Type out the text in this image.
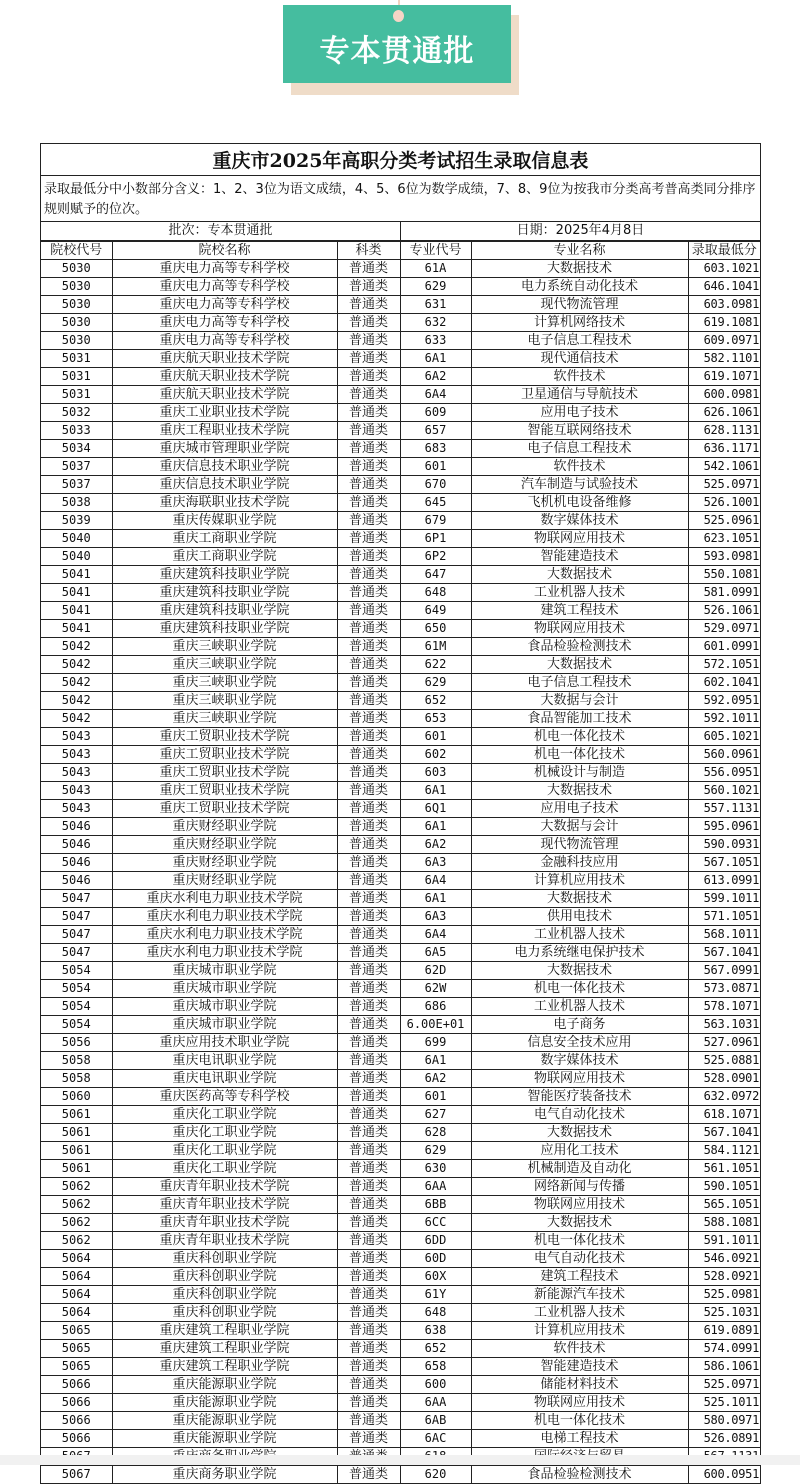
专本贯通批
重庆市2025年高职分类考试招生录取信息表
录取最低分中小数部分含义：1、2、3位为语文成绩，4、5、6位为数学成绩，7、8、9位为按我市分类高考普高类同分排序规则赋予的位次。
批次：专本贯通批	日期：2025年4月8日
院校代号	院校名称	科类	专业代号	专业名称	录取最低分
5030	重庆电力高等专科学校	普通类	61A	大数据技术	603.1021
5030	重庆电力高等专科学校	普通类	629	电力系统自动化技术	646.1041
5030	重庆电力高等专科学校	普通类	631	现代物流管理	603.0981
5030	重庆电力高等专科学校	普通类	632	计算机网络技术	619.1081
5030	重庆电力高等专科学校	普通类	633	电子信息工程技术	609.0971
5031	重庆航天职业技术学院	普通类	6A1	现代通信技术	582.1101
5031	重庆航天职业技术学院	普通类	6A2	软件技术	619.1071
5031	重庆航天职业技术学院	普通类	6A4	卫星通信与导航技术	600.0981
5032	重庆工业职业技术学院	普通类	609	应用电子技术	626.1061
5033	重庆工程职业技术学院	普通类	657	智能互联网络技术	628.1131
5034	重庆城市管理职业学院	普通类	683	电子信息工程技术	636.1171
5037	重庆信息技术职业学院	普通类	601	软件技术	542.1061
5037	重庆信息技术职业学院	普通类	670	汽车制造与试验技术	525.0971
5038	重庆海联职业技术学院	普通类	645	飞机机电设备维修	526.1001
5039	重庆传媒职业学院	普通类	679	数字媒体技术	525.0961
5040	重庆工商职业学院	普通类	6P1	物联网应用技术	623.1051
5040	重庆工商职业学院	普通类	6P2	智能建造技术	593.0981
5041	重庆建筑科技职业学院	普通类	647	大数据技术	550.1081
5041	重庆建筑科技职业学院	普通类	648	工业机器人技术	581.0991
5041	重庆建筑科技职业学院	普通类	649	建筑工程技术	526.1061
5041	重庆建筑科技职业学院	普通类	650	物联网应用技术	529.0971
5042	重庆三峡职业学院	普通类	61M	食品检验检测技术	601.0991
5042	重庆三峡职业学院	普通类	622	大数据技术	572.1051
5042	重庆三峡职业学院	普通类	629	电子信息工程技术	602.1041
5042	重庆三峡职业学院	普通类	652	大数据与会计	592.0951
5042	重庆三峡职业学院	普通类	653	食品智能加工技术	592.1011
5043	重庆工贸职业技术学院	普通类	601	机电一体化技术	605.1021
5043	重庆工贸职业技术学院	普通类	602	机电一体化技术	560.0961
5043	重庆工贸职业技术学院	普通类	603	机械设计与制造	556.0951
5043	重庆工贸职业技术学院	普通类	6A1	大数据技术	560.1021
5043	重庆工贸职业技术学院	普通类	6Q1	应用电子技术	557.1131
5046	重庆财经职业学院	普通类	6A1	大数据与会计	595.0961
5046	重庆财经职业学院	普通类	6A2	现代物流管理	590.0931
5046	重庆财经职业学院	普通类	6A3	金融科技应用	567.1051
5046	重庆财经职业学院	普通类	6A4	计算机应用技术	613.0991
5047	重庆水利电力职业技术学院	普通类	6A1	大数据技术	599.1011
5047	重庆水利电力职业技术学院	普通类	6A3	供用电技术	571.1051
5047	重庆水利电力职业技术学院	普通类	6A4	工业机器人技术	568.1011
5047	重庆水利电力职业技术学院	普通类	6A5	电力系统继电保护技术	567.1041
5054	重庆城市职业学院	普通类	62D	大数据技术	567.0991
5054	重庆城市职业学院	普通类	62W	机电一体化技术	573.0871
5054	重庆城市职业学院	普通类	686	工业机器人技术	578.1071
5054	重庆城市职业学院	普通类	6.00E+01	电子商务	563.1031
5056	重庆应用技术职业学院	普通类	699	信息安全技术应用	527.0961
5058	重庆电讯职业学院	普通类	6A1	数字媒体技术	525.0881
5058	重庆电讯职业学院	普通类	6A2	物联网应用技术	528.0901
5060	重庆医药高等专科学校	普通类	601	智能医疗装备技术	632.0972
5061	重庆化工职业学院	普通类	627	电气自动化技术	618.1071
5061	重庆化工职业学院	普通类	628	大数据技术	567.1041
5061	重庆化工职业学院	普通类	629	应用化工技术	584.1121
5061	重庆化工职业学院	普通类	630	机械制造及自动化	561.1051
5062	重庆青年职业技术学院	普通类	6AA	网络新闻与传播	590.1051
5062	重庆青年职业技术学院	普通类	6BB	物联网应用技术	565.1051
5062	重庆青年职业技术学院	普通类	6CC	大数据技术	588.1081
5062	重庆青年职业技术学院	普通类	6DD	机电一体化技术	591.1011
5064	重庆科创职业学院	普通类	60D	电气自动化技术	546.0921
5064	重庆科创职业学院	普通类	60X	建筑工程技术	528.0921
5064	重庆科创职业学院	普通类	61Y	新能源汽车技术	525.0981
5064	重庆科创职业学院	普通类	648	工业机器人技术	525.1031
5065	重庆建筑工程职业学院	普通类	638	计算机应用技术	619.0891
5065	重庆建筑工程职业学院	普通类	652	软件技术	574.0991
5065	重庆建筑工程职业学院	普通类	658	智能建造技术	586.1061
5066	重庆能源职业学院	普通类	600	储能材料技术	525.0971
5066	重庆能源职业学院	普通类	6AA	物联网应用技术	525.1011
5066	重庆能源职业学院	普通类	6AB	机电一体化技术	580.0971
5066	重庆能源职业学院	普通类	6AC	电梯工程技术	526.0891

5067	重庆商务职业学院	普通类	620	食品检验检测技术	600.0951
